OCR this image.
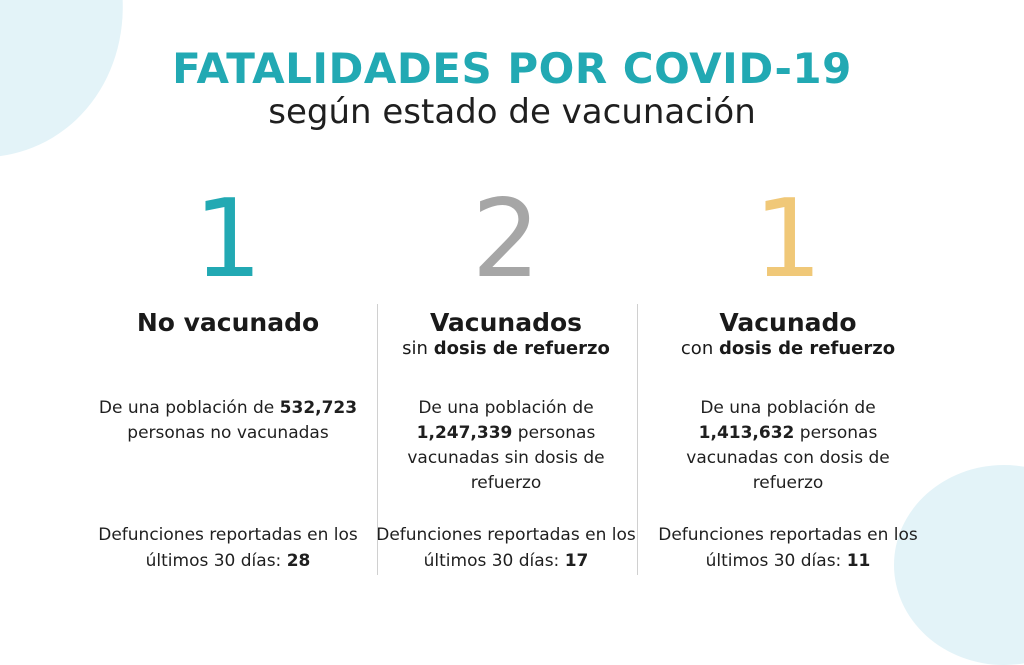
FATALIDADES POR COVID-19
según estado de vacunación
1
No vacunado
De una población de 532,723 personas no vacunadas
Defunciones reportadas en los últimos 30 días: 28
2
Vacunados
sin dosis de refuerzo
De una población de 1,247,339 personas vacunadas sin dosis de refuerzo
Defunciones reportadas en los últimos 30 días: 17
1
Vacunado
con dosis de refuerzo
De una población de 1,413,632 personas vacunadas con dosis de refuerzo
Defunciones reportadas en los últimos 30 días: 11
